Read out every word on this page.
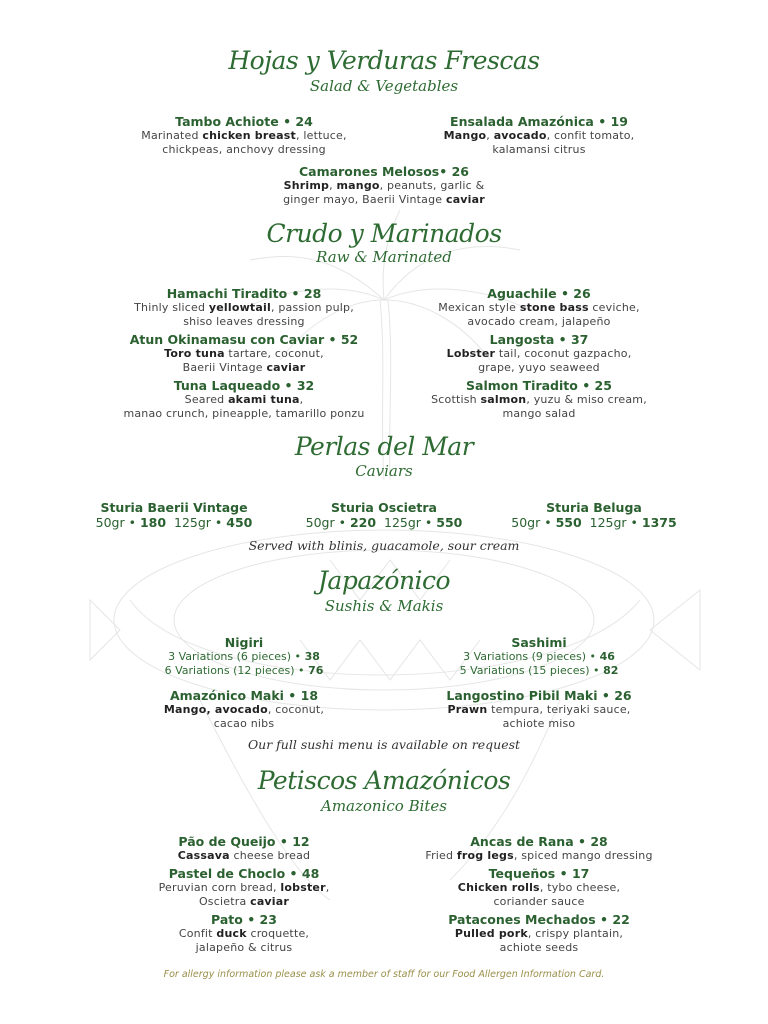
Hojas y Verduras Frescas
Salad & Vegetables
Tambo Achiote • 24
Marinated chicken breast, lettuce,
chickpeas, anchovy dressing
Ensalada Amazónica • 19
Mango, avocado, confit tomato,
kalamansi citrus
Camarones Melosos• 26
Shrimp, mango, peanuts, garlic &
ginger mayo, Baerii Vintage caviar
Crudo y Marinados
Raw & Marinated
Hamachi Tiradito • 28
Thinly sliced yellowtail, passion pulp,
shiso leaves dressing
Aguachile • 26
Mexican style stone bass ceviche,
avocado cream, jalapeño
Atun Okinamasu con Caviar • 52
Toro tuna tartare, coconut,
Baerii Vintage caviar
Langosta • 37
Lobster tail, coconut gazpacho,
grape, yuyo seaweed
Tuna Laqueado • 32
Seared akami tuna,
manao crunch, pineapple, tamarillo ponzu
Salmon Tiradito • 25
Scottish salmon, yuzu & miso cream,
mango salad
Perlas del Mar
Caviars
Sturia Baerii Vintage
50gr • 180 125gr • 450
Sturia Oscietra
50gr • 220 125gr • 550
Sturia Beluga
50gr • 550 125gr • 1375
Served with blinis, guacamole, sour cream
Japazónico
Sushis & Makis
Nigiri
3 Variations (6 pieces) • 38
6 Variations (12 pieces) • 76
Sashimi
3 Variations (9 pieces) • 46
5 Variations (15 pieces) • 82
Amazónico Maki • 18
Mango, avocado, coconut,
cacao nibs
Langostino Pibil Maki • 26
Prawn tempura, teriyaki sauce,
achiote miso
Our full sushi menu is available on request
Petiscos Amazónicos
Amazonico Bites
Pão de Queijo • 12
Cassava cheese bread
Ancas de Rana • 28
Fried frog legs, spiced mango dressing
Pastel de Choclo • 48
Peruvian corn bread, lobster,
Oscietra caviar
Tequeños • 17
Chicken rolls, tybo cheese,
coriander sauce
Pato • 23
Confit duck croquette,
jalapeño & citrus
Patacones Mechados • 22
Pulled pork, crispy plantain,
achiote seeds
For allergy information please ask a member of staff for our Food Allergen Information Card.
